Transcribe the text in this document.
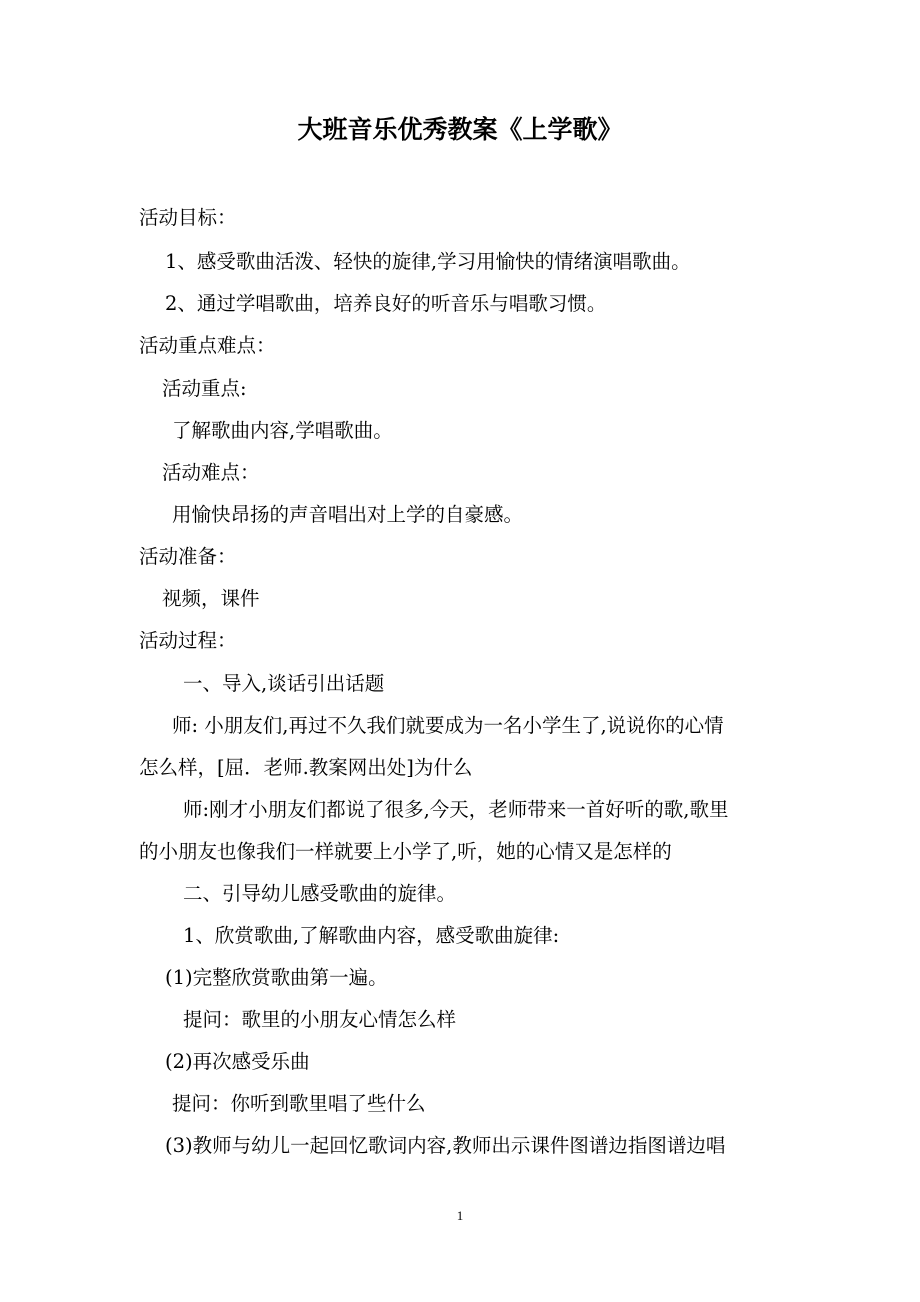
大班音乐优秀教案《上学歌》
活动目标：
1、感受歌曲活泼、轻快的旋律,学习用愉快的情绪演唱歌曲。
2、通过学唱歌曲，培养良好的听音乐与唱歌习惯。
活动重点难点：
活动重点:
了解歌曲内容,学唱歌曲。
活动难点：
用愉快昂扬的声音唱出对上学的自豪感。
活动准备：
视频，课件
活动过程：
一、导入,谈话引出话题
师: 小朋友们,再过不久我们就要成为一名小学生了,说说你的心情
怎么样，[屈．老师.教案网出处]为什么
师:刚才小朋友们都说了很多,今天，老师带来一首好听的歌,歌里
的小朋友也像我们一样就要上小学了,听，她的心情又是怎样的
二、引导幼儿感受歌曲的旋律。
1、欣赏歌曲,了解歌曲内容，感受歌曲旋律:
(1)完整欣赏歌曲第一遍。
提问：歌里的小朋友心情怎么样
(2)再次感受乐曲
提问：你听到歌里唱了些什么
(3)教师与幼儿一起回忆歌词内容,教师出示课件图谱边指图谱边唱
1
